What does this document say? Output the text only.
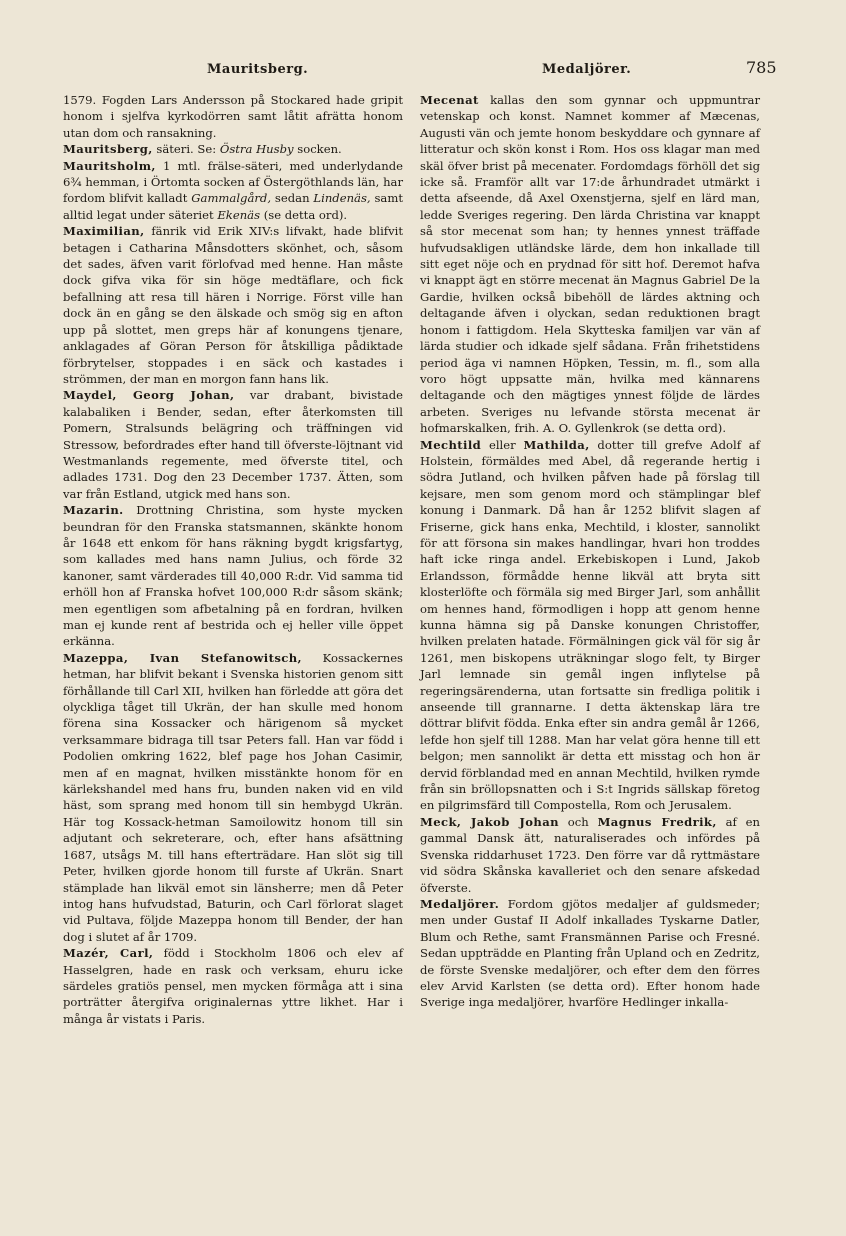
Mauritsberg.	Medaljörer.	785

1579. Fogden Lars Andersson på Stockared hade gripit honom i sjelfva kyrkodörren samt låtit afrätta honom utan dom och ransakning.

Mauritsberg, säteri. Se: Östra Husby socken.

Mauritsholm, 1 mtl. frälse-säteri, med underlydande 6¾ hemman, i Örtomta socken af Östergöthlands län, har fordom blifvit kalladt Gammalgård, sedan Lindenäs, samt alltid legat under säteriet Ekenäs (se detta ord).

Maximilian, fänrik vid Erik XIV:s lifvakt, hade blifvit betagen i Catharina Månsdotters skönhet, och, såsom det sades, äfven varit förlofvad med henne. Han måste dock gifva vika för sin höge medtäflare, och fick befallning att resa till hären i Norrige. Först ville han dock än en gång se den älskade och smög sig en afton upp på slottet, men greps här af konungens tjenare, anklagades af Göran Person för åtskilliga pådiktade förbrytelser, stoppades i en säck och kastades i strömmen, der man en morgon fann hans lik.

Maydel, Georg Johan, var drabant, bivistade kalabaliken i Bender, sedan, efter återkomsten till Pomern, Stralsunds belägring och träffningen vid Stressow, befordrades efter hand till öfverste-löjtnant vid Westmanlands regemente, med öfverste titel, och adlades 1731. Dog den 23 December 1737. Ätten, som var från Estland, utgick med hans son.

Mazarin. Drottning Christina, som hyste mycken beundran för den Franska statsmannen, skänkte honom år 1648 ett enkom för hans räkning bygdt krigsfartyg, som kallades med hans namn Julius, och förde 32 kanoner, samt värderades till 40,000 R:dr. Vid samma tid erhöll hon af Franska hofvet 100,000 R:dr såsom skänk; men egentligen som afbetalning på en fordran, hvilken man ej kunde rent af bestrida och ej heller ville öppet erkänna.

Mazeppa, Ivan Stefanowitsch, Kossackernes hetman, har blifvit bekant i Svenska historien genom sitt förhållande till Carl XII, hvilken han förledde att göra det olyckliga tåget till Ukrän, der han skulle med honom förena sina Kossacker och härigenom så mycket verksammare bidraga till tsar Peters fall. Han var född i Podolien omkring 1622, blef page hos Johan Casimir, men af en magnat, hvilken misstänkte honom för en kärlekshandel med hans fru, bunden naken vid en vild häst, som sprang med honom till sin hembygd Ukrän. Här tog Kossack-hetman Samoilowitz honom till sin adjutant och sekreterare, och, efter hans afsättning 1687, utsågs M. till hans efterträdare. Han slöt sig till Peter, hvilken gjorde honom till furste af Ukrän. Snart stämplade han likväl emot sin länsherre; men då Peter intog hans hufvudstad, Baturin, och Carl förlorat slaget vid Pultava, följde Mazeppa honom till Bender, der han dog i slutet af år 1709.

Mazér, Carl, född i Stockholm 1806 och elev af Hasselgren, hade en rask och verksam, ehuru icke särdeles gratiös pensel, men mycken förmåga att i sina porträtter återgifva originalernas yttre likhet. Har i många år vistats i Paris.

Mecenat kallas den som gynnar och uppmuntrar vetenskap och konst. Namnet kommer af Mæcenas, Augusti vän och jemte honom beskyddare och gynnare af litteratur och skön konst i Rom. Hos oss klagar man med skäl öfver brist på mecenater. Fordomdags förhöll det sig icke så. Framför allt var 17:de århundradet utmärkt i detta afseende, då Axel Oxenstjerna, sjelf en lärd man, ledde Sveriges regering. Den lärda Christina var knappt så stor mecenat som han; ty hennes ynnest träffade hufvudsakligen utländske lärde, dem hon inkallade till sitt eget nöje och en prydnad för sitt hof. Deremot hafva vi knappt ägt en större mecenat än Magnus Gabriel De la Gardie, hvilken också bibehöll de lärdes aktning och deltagande äfven i olyckan, sedan reduktionen bragt honom i fattigdom. Hela Skytteska familjen var vän af lärda studier och idkade sjelf sådana. Från frihetstidens period äga vi namnen Höpken, Tessin, m. fl., som alla voro högt uppsatte män, hvilka med kännarens deltagande och den mägtiges ynnest följde de lärdes arbeten. Sveriges nu lefvande största mecenat är hofmarskalken, frih. A. O. Gyllenkrok (se detta ord).

Mechtild eller Mathilda, dotter till grefve Adolf af Holstein, förmäldes med Abel, då regerande hertig i södra Jutland, och hvilken påfven hade på förslag till kejsare, men som genom mord och stämplingar blef konung i Danmark. Då han år 1252 blifvit slagen af Friserne, gick hans enka, Mechtild, i kloster, sannolikt för att försona sin makes handlingar, hvari hon troddes haft icke ringa andel. Erkebiskopen i Lund, Jakob Erlandsson, förmådde henne likväl att bryta sitt klosterlöfte och förmäla sig med Birger Jarl, som anhållit om hennes hand, förmodligen i hopp att genom henne kunna hämna sig på Danske konungen Christoffer, hvilken prelaten hatade. Förmälningen gick väl för sig år 1261, men biskopens uträkningar slogo felt, ty Birger Jarl lemnade sin gemål ingen inflytelse på regeringsärenderna, utan fortsatte sin fredliga politik i anseende till grannarne. I detta äktenskap lära tre döttrar blifvit födda. Enka efter sin andra gemål år 1266, lefde hon sjelf till 1288. Man har velat göra henne till ett belgon; men sannolikt är detta ett misstag och hon är dervid förblandad med en annan Mechtild, hvilken rymde från sin bröllopsnatten och i S:t Ingrids sällskap företog en pilgrimsfärd till Compostella, Rom och Jerusalem.

Meck, Jakob Johan och Magnus Fredrik, af en gammal Dansk ätt, naturaliserades och infördes på Svenska riddarhuset 1723. Den förre var då ryttmästare vid södra Skånska kavalleriet och den senare afskedad öfverste.

Medaljörer. Fordom gjötos medaljer af guldsmeder; men under Gustaf II Adolf inkallades Tyskarne Datler, Blum och Rethe, samt Fransmännen Parise och Fresné. Sedan uppträdde en Planting från Upland och en Zedritz, de förste Svenske medaljörer, och efter dem den förres elev Arvid Karlsten (se detta ord). Efter honom hade Sverige inga medaljörer, hvarföre Hedlinger inkalla-
